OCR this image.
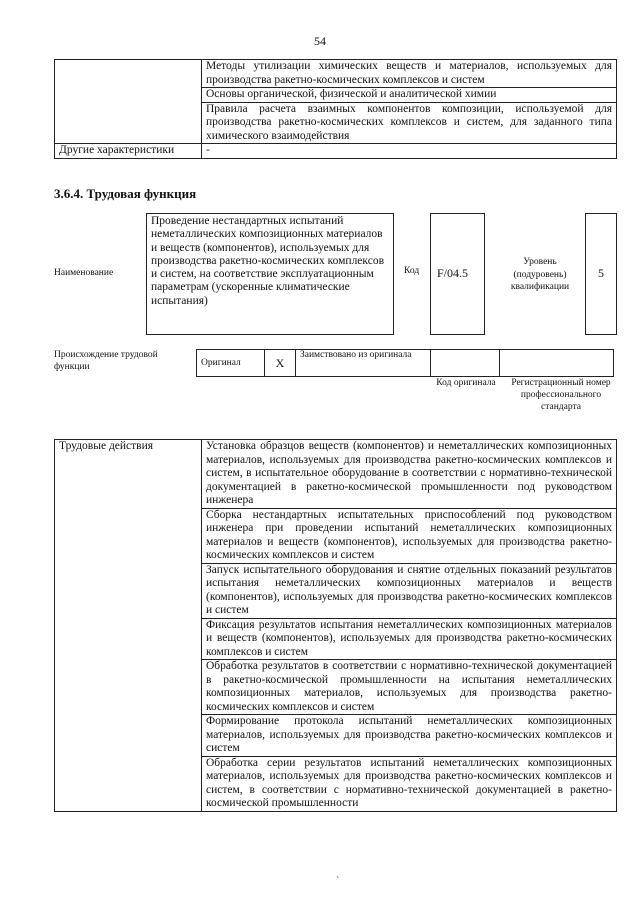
54
	Методы утилизации химических веществ и материалов, используемых для производства ракетно-космических комплексов и систем
	Основы органической, физической и аналитической химии
	Правила расчета взаимных компонентов композиции, используемой для производства ракетно-космических комплексов и систем, для заданного типа химического взаимодействия
Другие характеристики	-
3.6.4. Трудовая функция
Наименование
Проведение нестандартных испытаний неметаллических композиционных материалов и веществ (компонентов), используемых для производства ракетно-космических комплексов и систем, на соответствие эксплуатационным параметрам (ускоренные климатические испытания)
Код	F/04.5
Уровень (подуровень) квалификации
5
Происхождение трудовой функции	Оригинал	X	Заимствовано из оригинала		
Код оригинала	Регистрационный номер профессионального стандарта
Трудовые действия	Установка образцов веществ (компонентов) и неметаллических композиционных материалов, используемых для производства ракетно-космических комплексов и систем, в испытательное оборудование в соответствии с нормативно-технической документацией в ракетно-космической промышленности под руководством инженера
Сборка нестандартных испытательных приспособлений под руководством инженера при проведении испытаний неметаллических композиционных материалов и веществ (компонентов), используемых для производства ракетно-космических комплексов и систем
Запуск испытательного оборудования и снятие отдельных показаний результатов испытания неметаллических композиционных материалов и веществ (компонентов), используемых для производства ракетно-космических комплексов и систем
Фиксация результатов испытания неметаллических композиционных материалов и веществ (компонентов), используемых для производства ракетно-космических комплексов и систем
Обработка результатов в соответствии с нормативно-технической документацией в ракетно-космической промышленности на испытания неметаллических композиционных материалов, используемых для производства ракетно-космических комплексов и систем
Формирование протокола испытаний неметаллических композиционных материалов, используемых для производства ракетно-космических комплексов и систем
Обработка серии результатов испытаний неметаллических композиционных материалов, используемых для производства ракетно-космических комплексов и систем, в соответствии с нормативно-технической документацией в ракетно-космической промышленности
`
